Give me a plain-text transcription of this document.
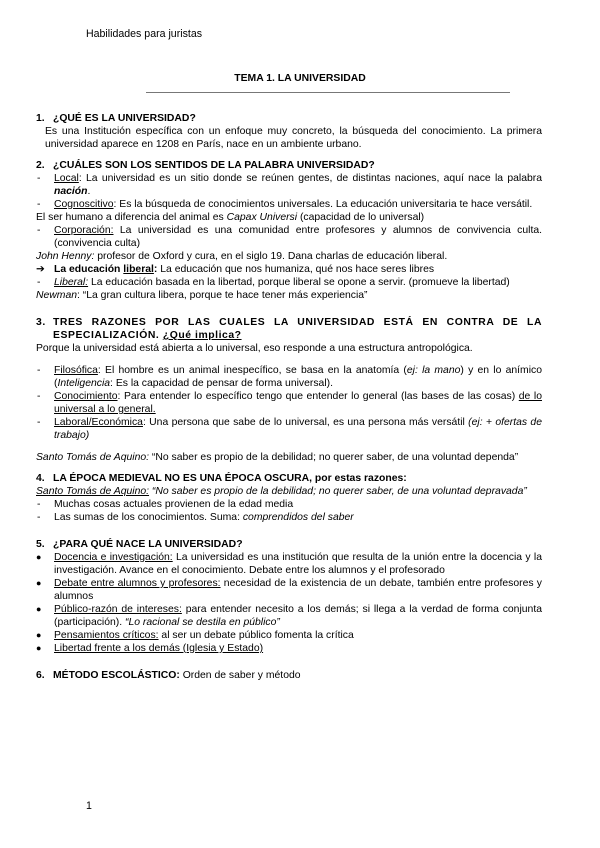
Habilidades para juristas
TEMA 1. LA UNIVERSIDAD
1. ¿QUÉ ES LA UNIVERSIDAD?

Es una Institución específica con un enfoque muy concreto, la búsqueda del conocimiento. La primera universidad aparece en 1208 en París, nace en un ambiente urbano.

2. ¿CUÁLES SON LOS SENTIDOS DE LA PALABRA UNIVERSIDAD?
-	Local: La universidad es un sitio donde se reúnen gentes, de distintas naciones, aquí nace la palabra nación.
-	Cognoscitivo: Es la búsqueda de conocimientos universales. La educación universitaria te hace versátil.

El ser humano a diferencia del animal es Capax Universi (capacidad de lo universal)

-	Corporación: La universidad es una comunidad entre profesores y alumnos de convivencia culta. (convivencia culta)

John Henny: profesor de Oxford y cura, en el siglo 19. Dana charlas de educación liberal.

➔ La educación liberal: La educación que nos humaniza, qué nos hace seres libres
-	Liberal: La educación basada en la libertad, porque liberal se opone a servir. (promueve la libertad)

Newman: “La gran cultura libera, porque te hace tener más experiencia”

3. TRES RAZONES POR LAS CUALES LA UNIVERSIDAD ESTÁ EN CONTRA DE LA ESPECIALIZACIÓN. ¿Qué implica?

Porque la universidad está abierta a lo universal, eso responde a una estructura antropológica.

-	Filosófica: El hombre es un animal inespecífico, se basa en la anatomía (ej: la mano) y en lo anímico (Inteligencia: Es la capacidad de pensar de forma universal).
-	Conocimiento: Para entender lo específico tengo que entender lo general (las bases de las cosas) de lo universal a lo general.
-	Laboral/Económica: Una persona que sabe de lo universal, es una persona más versátil (ej: + ofertas de trabajo)
Santo Tomás de Aquino: “No saber es propio de la debilidad; no querer saber, de una voluntad dependa”
4. LA ÉPOCA MEDIEVAL NO ES UNA ÉPOCA OSCURA, por estas razones:

Santo Tomás de Aquino: “No saber es propio de la debilidad; no querer saber, de una voluntad depravada”

-	Muchas cosas actuales provienen de la edad media
-	Las sumas de los conocimientos. Suma: comprendidos del saber
5. ¿PARA QUÉ NACE LA UNIVERSIDAD?
●	Docencia e investigación: La universidad es una institución que resulta de la unión entre la docencia y la investigación. Avance en el conocimiento. Debate entre los alumnos y el profesorado
●	Debate entre alumnos y profesores: necesidad de la existencia de un debate, también entre profesores y alumnos
●	Público-razón de intereses: para entender necesito a los demás; si llega a la verdad de forma conjunta (participación). “Lo racional se destila en público”
●	Pensamientos críticos: al ser un debate público fomenta la crítica
●	Libertad frente a los demás (Iglesia y Estado)
6. MÉTODO ESCOLÁSTICO: Orden de saber y método
1
